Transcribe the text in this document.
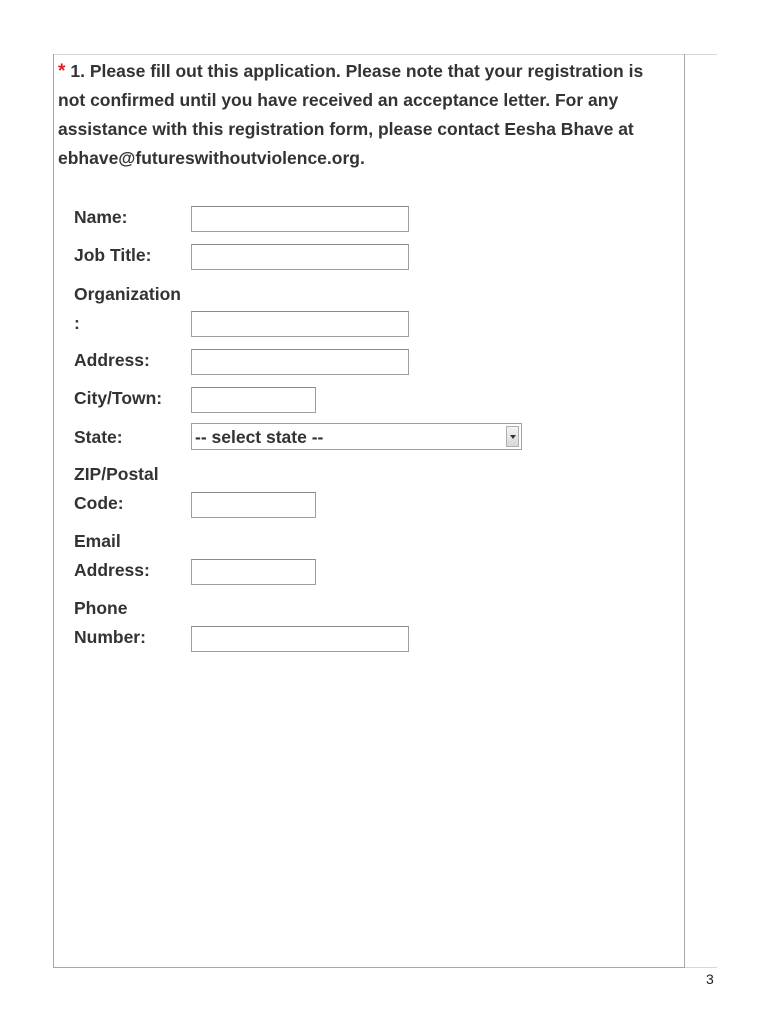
* 1. Please fill out this application. Please note that your registration is not confirmed until you have received an acceptance letter. For any assistance with this registration form, please contact Eesha Bhave at ebhave@futureswithoutviolence.org.
Name:
Job Title:
Organization
:
Address:
City/Town:
State:	-- select state --
ZIP/Postal
Code:
Email
Address:
Phone
Number:
3
